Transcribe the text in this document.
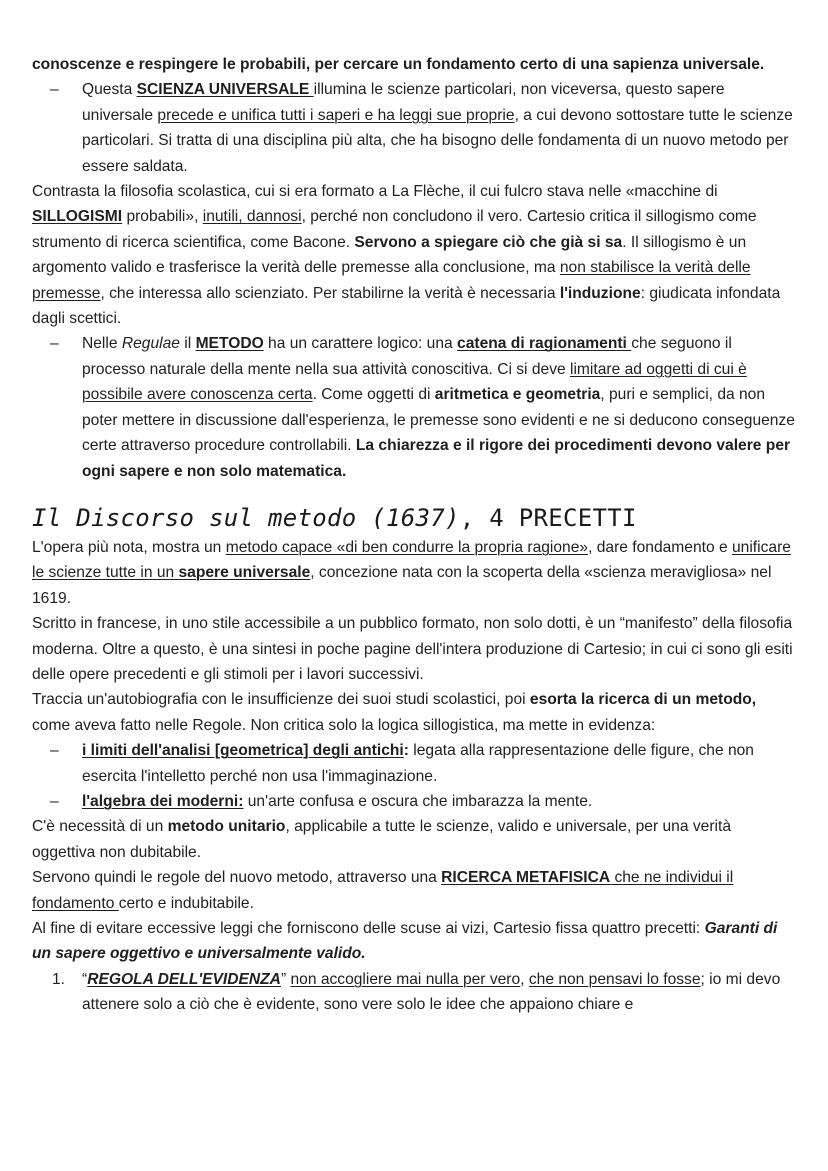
conoscenze e respingere le probabili, per cercare un fondamento certo di una sapienza universale.

–	Questa SCIENZA UNIVERSALE illumina le scienze particolari, non viceversa, questo sapere universale precede e unifica tutti i saperi e ha leggi sue proprie, a cui devono sottostare tutte le scienze particolari. Si tratta di una disciplina più alta, che ha bisogno delle fondamenta di un nuovo metodo per essere saldata.

Contrasta la filosofia scolastica, cui si era formato a La Flèche, il cui fulcro stava nelle «macchine di SILLOGISMI probabili», inutili, dannosi, perché non concludono il vero. Cartesio critica il sillogismo come strumento di ricerca scientifica, come Bacone. Servono a spiegare ciò che già si sa. Il sillogismo è un argomento valido e trasferisce la verità delle premesse alla conclusione, ma non stabilisce la verità delle premesse, che interessa allo scienziato. Per stabilirne la verità è necessaria l'induzione: giudicata infondata dagli scettici.

–	Nelle Regulae il METODO ha un carattere logico: una catena di ragionamenti che seguono il processo naturale della mente nella sua attività conoscitiva. Ci si deve limitare ad oggetti di cui è possibile avere conoscenza certa. Come oggetti di aritmetica e geometria, puri e semplici, da non poter mettere in discussione dall'esperienza, le premesse sono evidenti e ne si deducono conseguenze certe attraverso procedure controllabili. La chiarezza e il rigore dei procedimenti devono valere per ogni sapere e non solo matematica.

Il Discorso sul metodo (1637), 4 PRECETTI

L'opera più nota, mostra un metodo capace «di ben condurre la propria ragione», dare fondamento e unificare le scienze tutte in un sapere universale, concezione nata con la scoperta della «scienza meravigliosa» nel 1619.

Scritto in francese, in uno stile accessibile a un pubblico formato, non solo dotti, è un “manifesto” della filosofia moderna. Oltre a questo, è una sintesi in poche pagine dell'intera produzione di Cartesio; in cui ci sono gli esiti delle opere precedenti e gli stimoli per i lavori successivi.

Traccia un'autobiografia con le insufficienze dei suoi studi scolastici, poi esorta la ricerca di un metodo, come aveva fatto nelle Regole. Non critica solo la logica sillogistica, ma mette in evidenza:

–	i limiti dell'analisi [geometrica] degli antichi: legata alla rappresentazione delle figure, che non esercita l'intelletto perché non usa l'immaginazione.

–	l'algebra dei moderni: un'arte confusa e oscura che imbarazza la mente.

C'è necessità di un metodo unitario, applicabile a tutte le scienze, valido e universale, per una verità oggettiva non dubitabile.

Servono quindi le regole del nuovo metodo, attraverso una RICERCA METAFISICA che ne individui il fondamento certo e indubitabile.

Al fine di evitare eccessive leggi che forniscono delle scuse ai vizi, Cartesio fissa quattro precetti: Garanti di un sapere oggettivo e universalmente valido.

1. “REGOLA DELL'EVIDENZA” non accogliere mai nulla per vero, che non pensavi lo fosse; io mi devo attenere solo a ciò che è evidente, sono vere solo le idee che appaiono chiare e
